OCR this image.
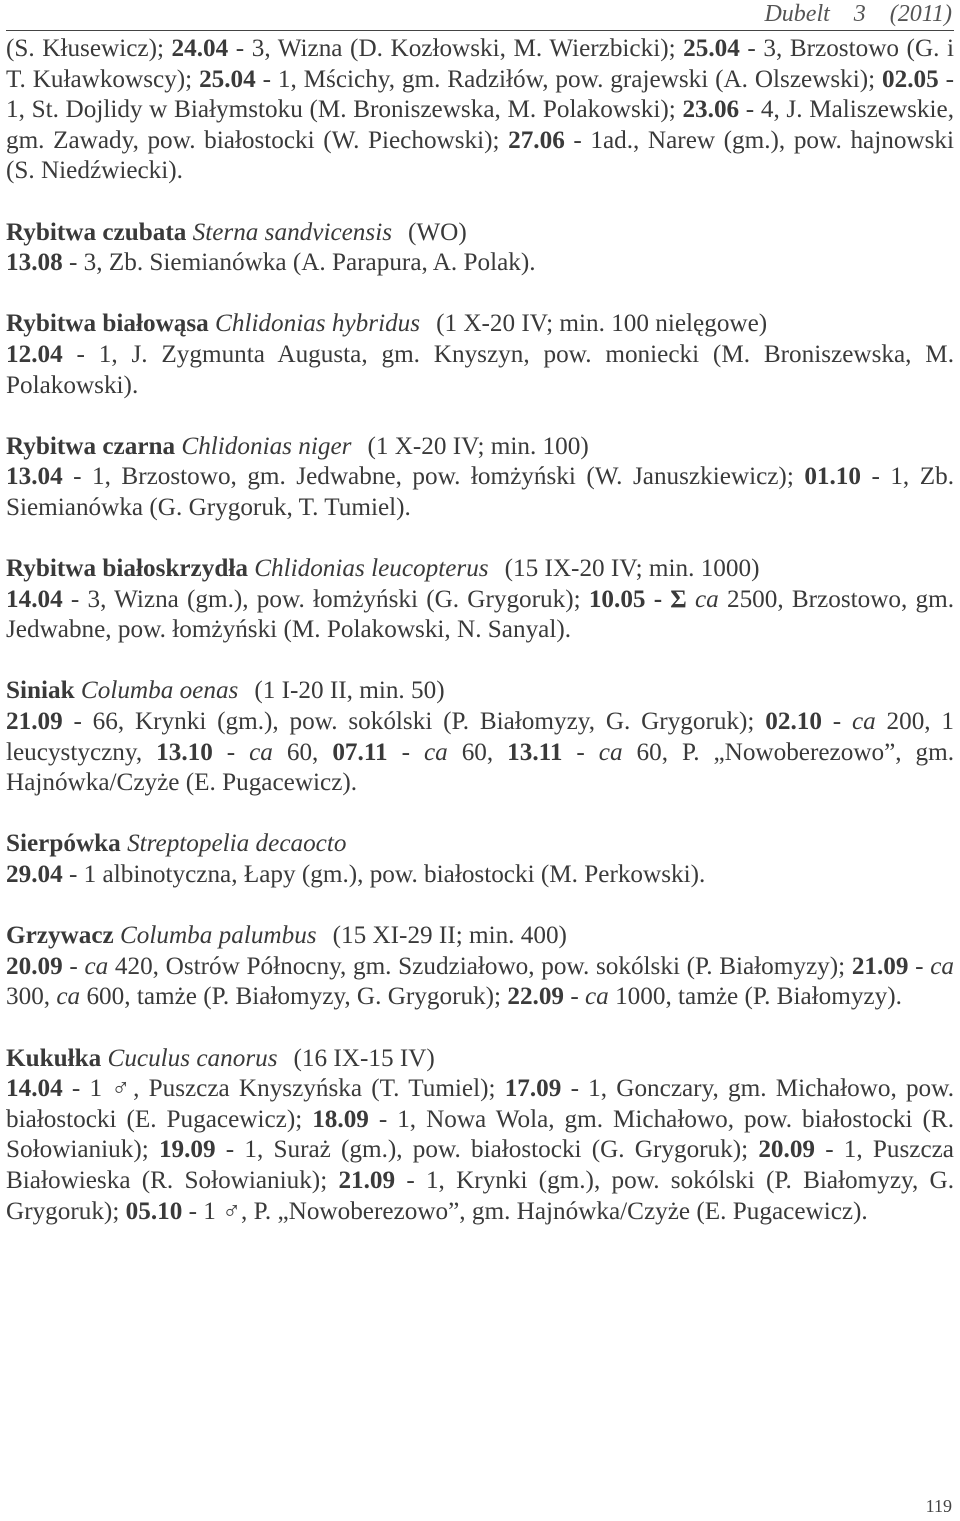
Dubelt 3 (2011)

(S. Kłusewicz); 24.04 - 3, Wizna (D. Kozłowski, M. Wierzbicki); 25.04 - 3, Brzostowo (G. i T. Kuławkowscy); 25.04 - 1, Mścichy, gm. Radziłów, pow. grajewski (A. Olszewski); 02.05 - 1, St. Dojlidy w Białymstoku (M. Broniszewska, M. Polakowski); 23.06 - 4, J. Maliszewskie, gm. Zawady, pow. białostocki (W. Piechowski); 27.06 - 1ad., Narew (gm.), pow. hajnowski (S. Niedźwiecki).

Rybitwa czubata Sterna sandvicensis (WO)

13.08 - 3, Zb. Siemianówka (A. Parapura, A. Polak).

Rybitwa białowąsa Chlidonias hybridus (1 X-20 IV; min. 100 nielęgowe)

12.04 - 1, J. Zygmunta Augusta, gm. Knyszyn, pow. moniecki (M. Broniszewska, M. Polakowski).

Rybitwa czarna Chlidonias niger (1 X-20 IV; min. 100)

13.04 - 1, Brzostowo, gm. Jedwabne, pow. łomżyński (W. Januszkiewicz); 01.10 - 1, Zb. Siemianówka (G. Grygoruk, T. Tumiel).

Rybitwa białoskrzydła Chlidonias leucopterus (15 IX-20 IV; min. 1000)

14.04 - 3, Wizna (gm.), pow. łomżyński (G. Grygoruk); 10.05 - Σ ca 2500, Brzostowo, gm. Jedwabne, pow. łomżyński (M. Polakowski, N. Sanyal).

Siniak Columba oenas (1 I-20 II, min. 50)

21.09 - 66, Krynki (gm.), pow. sokólski (P. Białomyzy, G. Grygoruk); 02.10 - ca 200, 1 leucystyczny, 13.10 - ca 60, 07.11 - ca 60, 13.11 - ca 60, P. „Nowoberezowo”, gm. Hajnówka/Czyże (E. Pugacewicz).

Sierpówka Streptopelia decaocto

29.04 - 1 albinotyczna, Łapy (gm.), pow. białostocki (M. Perkowski).

Grzywacz Columba palumbus (15 XI-29 II; min. 400)

20.09 - ca 420, Ostrów Północny, gm. Szudziałowo, pow. sokólski (P. Białomyzy); 21.09 - ca 300, ca 600, tamże (P. Białomyzy, G. Grygoruk); 22.09 - ca 1000, tamże (P. Białomyzy).

Kukułka Cuculus canorus (16 IX-15 IV)

14.04 - 1 ♂, Puszcza Knyszyńska (T. Tumiel); 17.09 - 1, Gonczary, gm. Michałowo, pow. białostocki (E. Pugacewicz); 18.09 - 1, Nowa Wola, gm. Michałowo, pow. białostocki (R. Sołowianiuk); 19.09 - 1, Suraż (gm.), pow. białostocki (G. Grygoruk); 20.09 - 1, Puszcza Białowieska (R. Sołowianiuk); 21.09 - 1, Krynki (gm.), pow. sokólski (P. Białomyzy, G. Grygoruk); 05.10 - 1 ♂, P. „Nowoberezowo”, gm. Hajnówka/Czyże (E. Pugacewicz).

119
